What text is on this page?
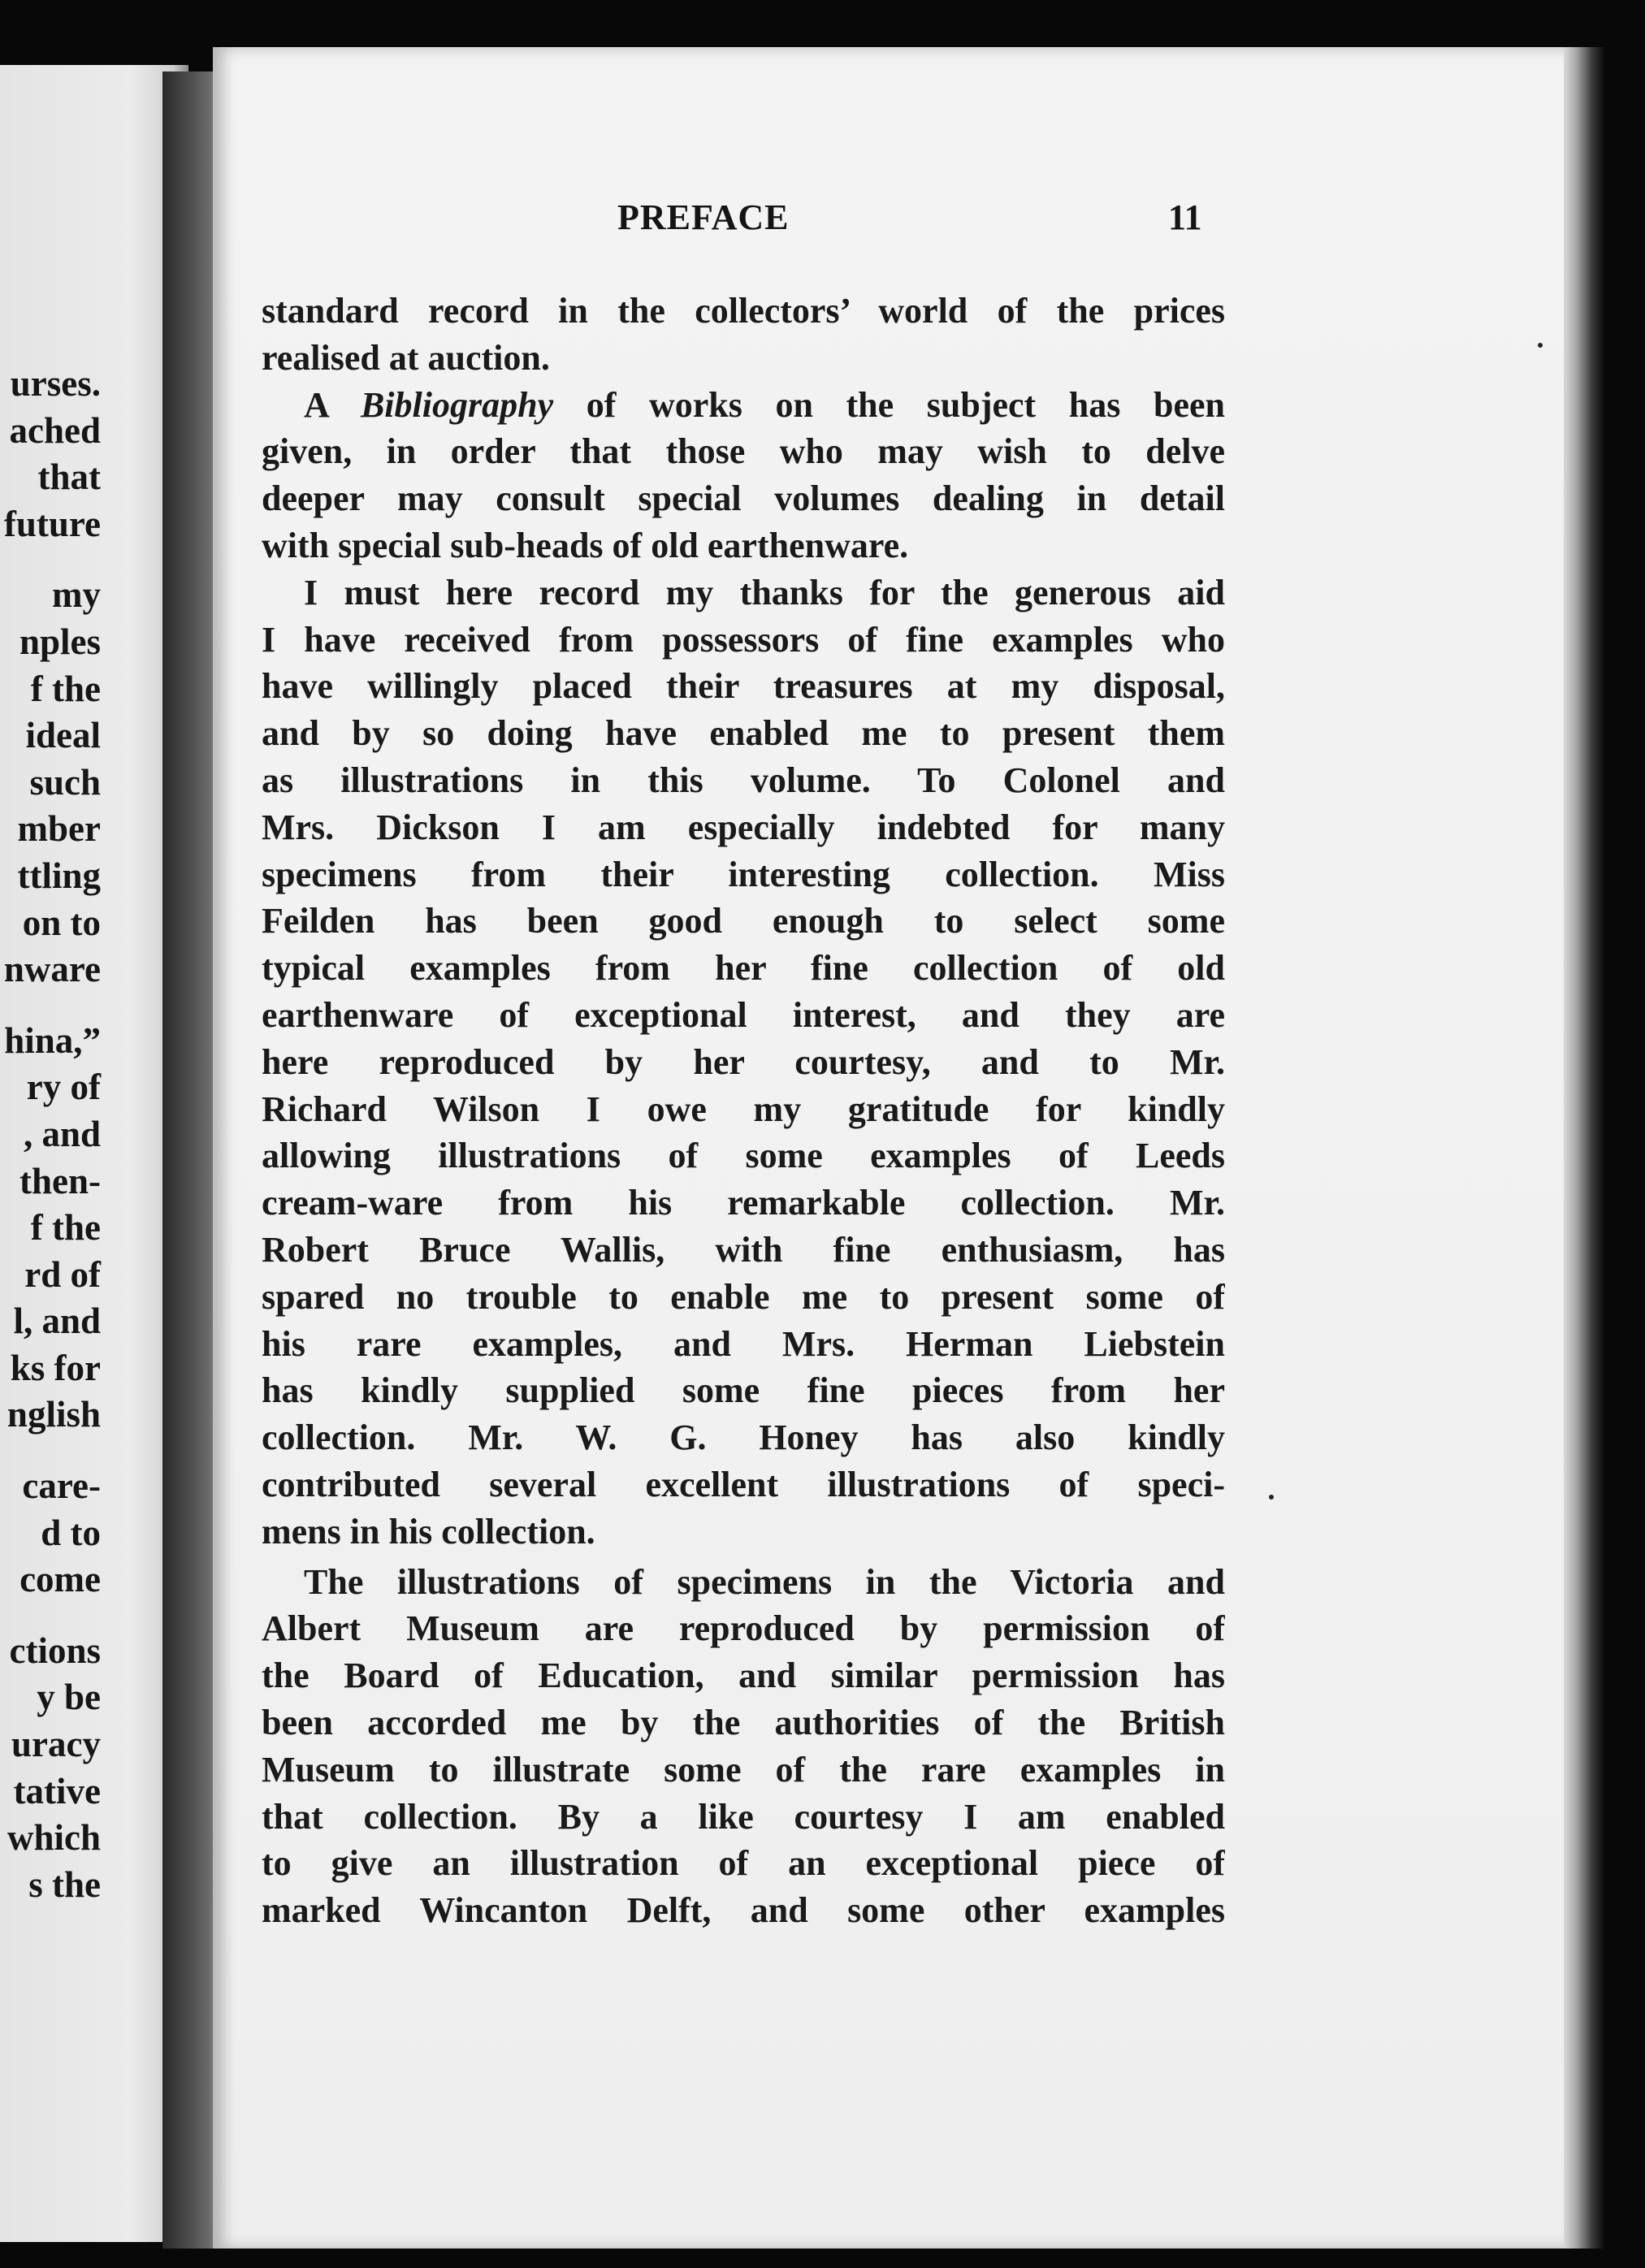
urses.
ached
that
future
my
nples
f the
ideal
such
mber
ttling
on to
nware
hina,”
ry of
, and
then-
f the
rd of
l, and
ks for
nglish
care-
d to
come
ctions
y be
uracy
tative
which
s the
PREFACE	11
standard record in the collectors’ world of the prices
realised at auction.
A Bibliography of works on the subject has been
given, in order that those who may wish to delve
deeper may consult special volumes dealing in detail
with special sub-heads of old earthenware.
I must here record my thanks for the generous aid
I have received from possessors of fine examples who
have willingly placed their treasures at my disposal,
and by so doing have enabled me to present them
as illustrations in this volume. To Colonel and
Mrs. Dickson I am especially indebted for many
specimens from their interesting collection. Miss
Feilden has been good enough to select some
typical examples from her fine collection of old
earthenware of exceptional interest, and they are
here reproduced by her courtesy, and to Mr.
Richard Wilson I owe my gratitude for kindly
allowing illustrations of some examples of Leeds
cream-ware from his remarkable collection. Mr.
Robert Bruce Wallis, with fine enthusiasm, has
spared no trouble to enable me to present some of
his rare examples, and Mrs. Herman Liebstein
has kindly supplied some fine pieces from her
collection. Mr. W. G. Honey has also kindly
contributed several excellent illustrations of speci-
mens in his collection.
The illustrations of specimens in the Victoria and
Albert Museum are reproduced by permission of
the Board of Education, and similar permission has
been accorded me by the authorities of the British
Museum to illustrate some of the rare examples in
that collection. By a like courtesy I am enabled
to give an illustration of an exceptional piece of
marked Wincanton Delft, and some other examples
